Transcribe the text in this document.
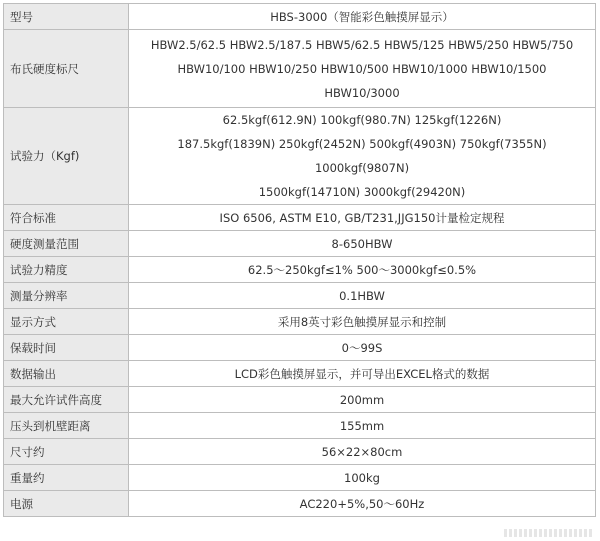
型号	HBS-3000（智能彩色触摸屏显示）

布氏硬度标尺	HBW2.5/62.5 HBW2.5/187.5 HBW5/62.5 HBW5/125 HBW5/250 HBW5/750
HBW10/100 HBW10/250 HBW10/500 HBW10/1000 HBW10/1500
HBW10/3000

试验力（Kgf)	62.5kgf(612.9N) 100kgf(980.7N) 125kgf(1226N)
187.5kgf(1839N) 250kgf(2452N) 500kgf(4903N) 750kgf(7355N) 1000kgf(9807N)
1500kgf(14710N) 3000kgf(29420N)

符合标准	ISO 6506, ASTM E10, GB/T231,JJG150计量检定规程

硬度测量范围	8-650HBW

试验力精度	62.5～250kgf≤1% 500～3000kgf≤0.5%

测量分辨率	0.1HBW

显示方式	采用8英寸彩色触摸屏显示和控制

保载时间	0～99S

数据输出	LCD彩色触摸屏显示，并可导出EXCEL格式的数据

最大允许试件高度	200mm

压头到机壁距离	155mm

尺寸约	56×22×80cm

重量约	100kg

电源	AC220+5%,50～60Hz
